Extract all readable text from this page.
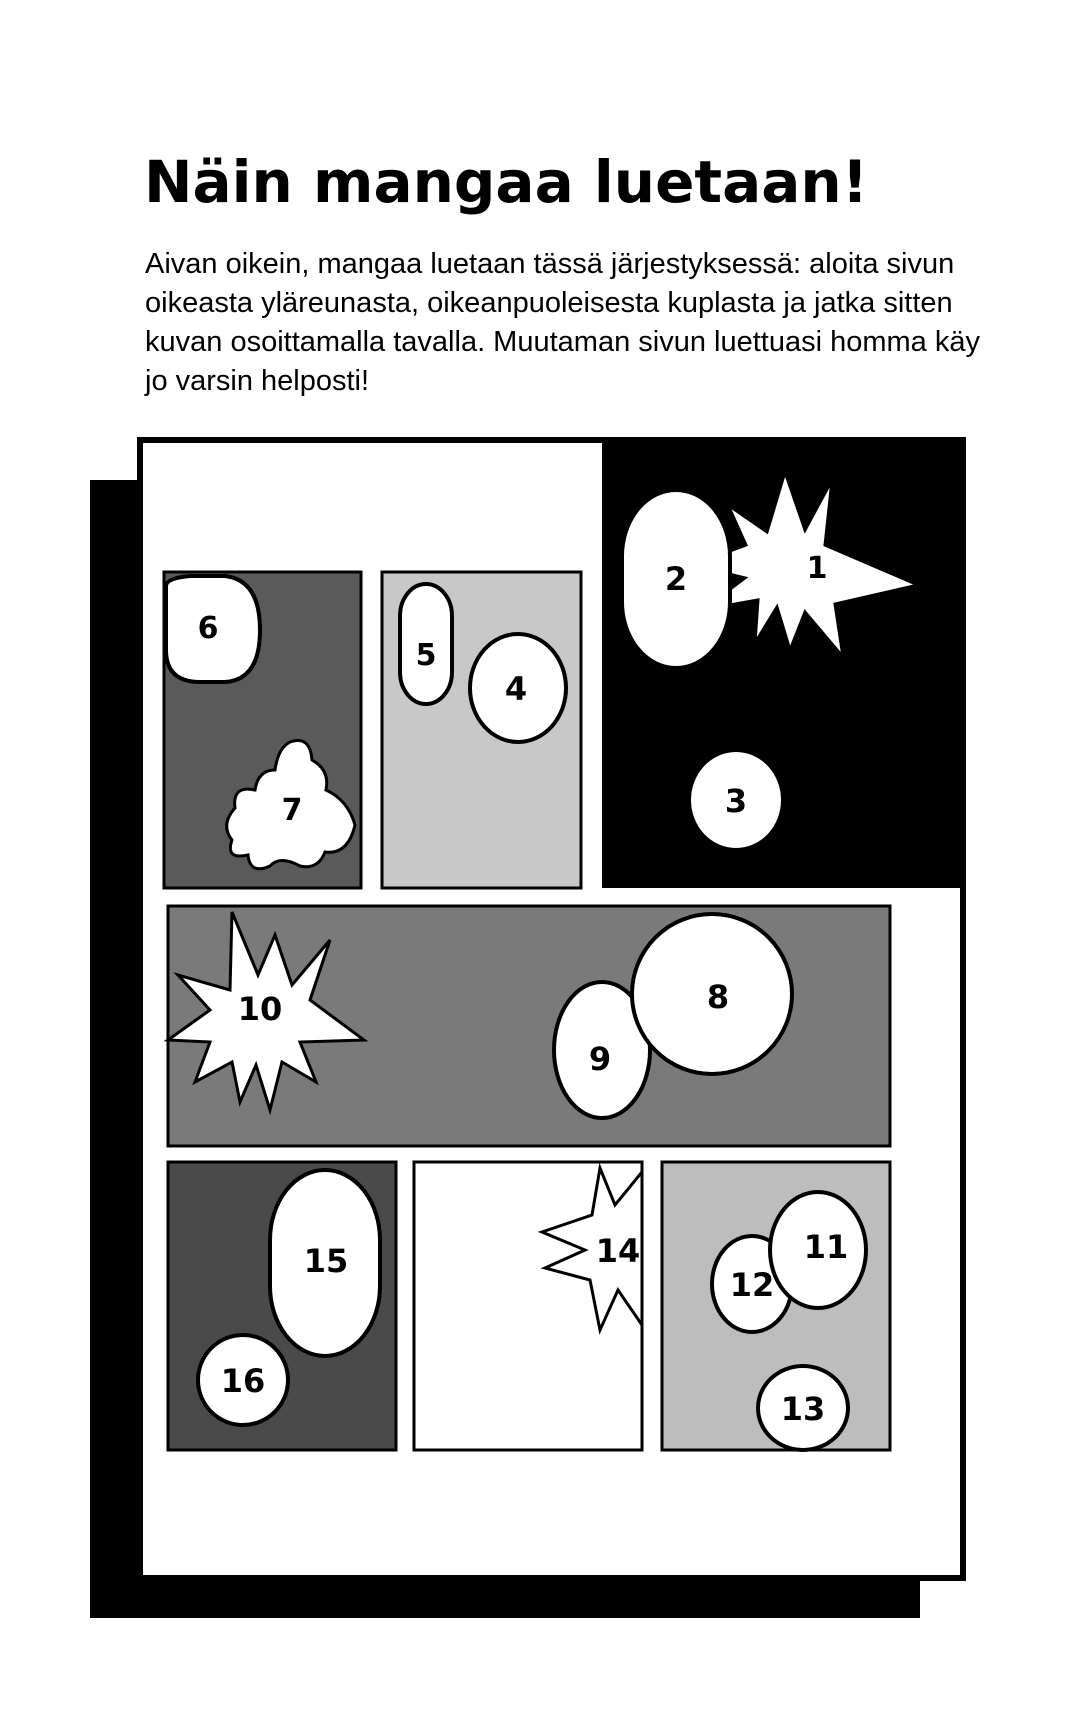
Näin mangaa luetaan!

Aivan oikein, mangaa luetaan tässä järjestyksessä: aloita sivun oikeasta yläreunasta, oikeanpuoleisesta kuplasta ja jatka sitten kuvan osoittamalla tavalla. Muutaman sivun luettuasi homma käy jo varsin helposti!

1
2
3
4
5
6
7
10	8
9
15
16
14	11
12
13
